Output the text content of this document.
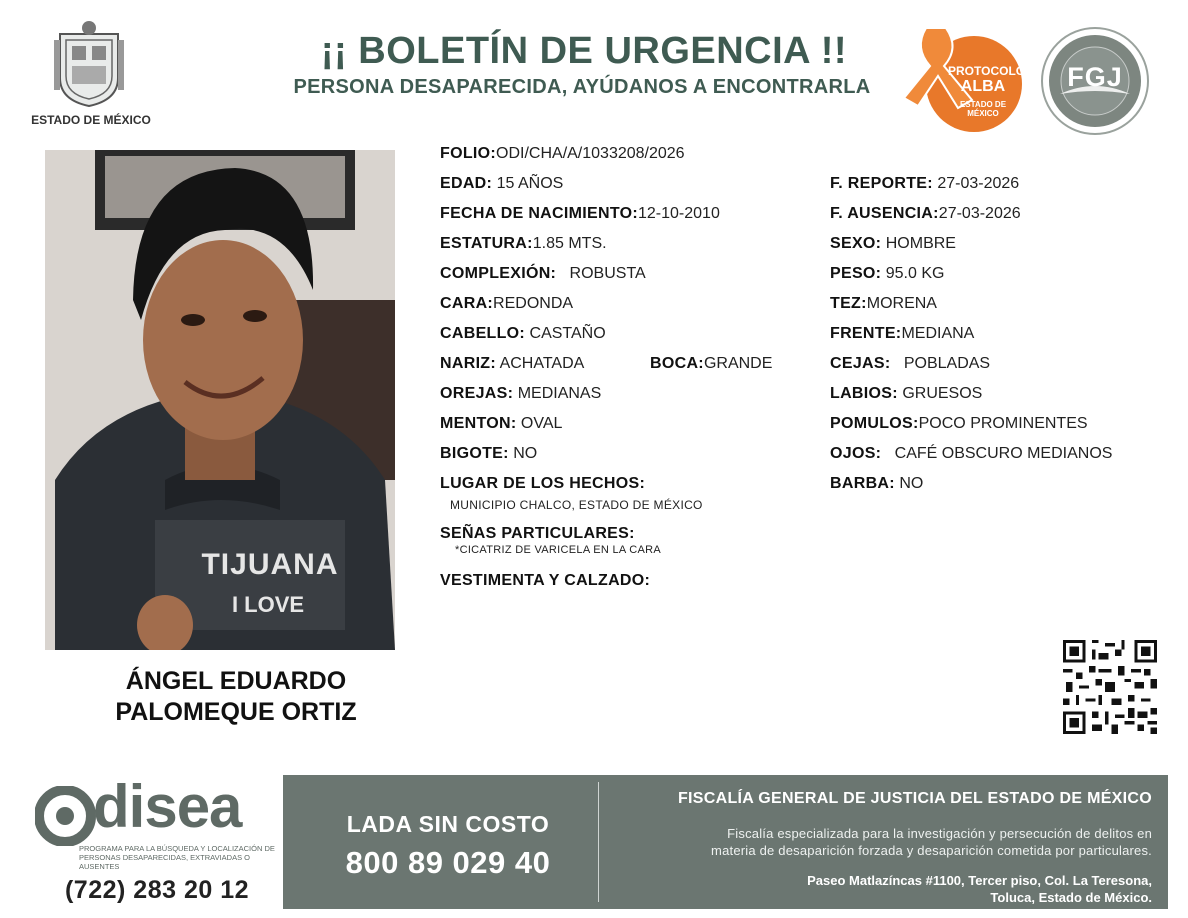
ESTADO DE MÉXICO
¡¡ BOLETÍN DE URGENCIA !!
PERSONA DESAPARECIDA, AYÚDANOS A ENCONTRARLA
PROTOCOLO
ALBA
ESTADO DE MÉXICO
FGJ
TIJUANA
I LOVE
ÁNGEL EDUARDO
PALOMEQUE ORTIZ
FOLIO:ODI/CHA/A/1033208/2026
EDAD: 15 AÑOS
FECHA DE NACIMIENTO:12-10-2010
ESTATURA:1.85 MTS.
COMPLEXIÓN: ROBUSTA
CARA:REDONDA
CABELLO: CASTAÑO
NARIZ: ACHATADA	BOCA:GRANDE
OREJAS: MEDIANAS
MENTON: OVAL
BIGOTE: NO
LUGAR DE LOS HECHOS:
MUNICIPIO CHALCO, ESTADO DE MÉXICO
SEÑAS PARTICULARES:
*CICATRIZ DE VARICELA EN LA CARA
VESTIMENTA Y CALZADO:
F. REPORTE: 27-03-2026
F. AUSENCIA:27-03-2026
SEXO: HOMBRE
PESO: 95.0 KG
TEZ:MORENA
FRENTE:MEDIANA
CEJAS: POBLADAS
LABIOS: GRUESOS
POMULOS:POCO PROMINENTES
OJOS: CAFÉ OBSCURO MEDIANOS
BARBA: NO
disea
PROGRAMA PARA LA BÚSQUEDA Y LOCALIZACIÓN DE PERSONAS DESAPARECIDAS, EXTRAVIADAS O AUSENTES
(722) 283 20 12
LADA SIN COSTO
800 89 029 40
FISCALÍA GENERAL DE JUSTICIA DEL ESTADO DE MÉXICO
Fiscalía especializada para la investigación y persecución de delitos en
materia de desaparición forzada y desaparición cometida por particulares.
Paseo Matlazíncas #1100, Tercer piso, Col. La Teresona,
Toluca, Estado de México.
